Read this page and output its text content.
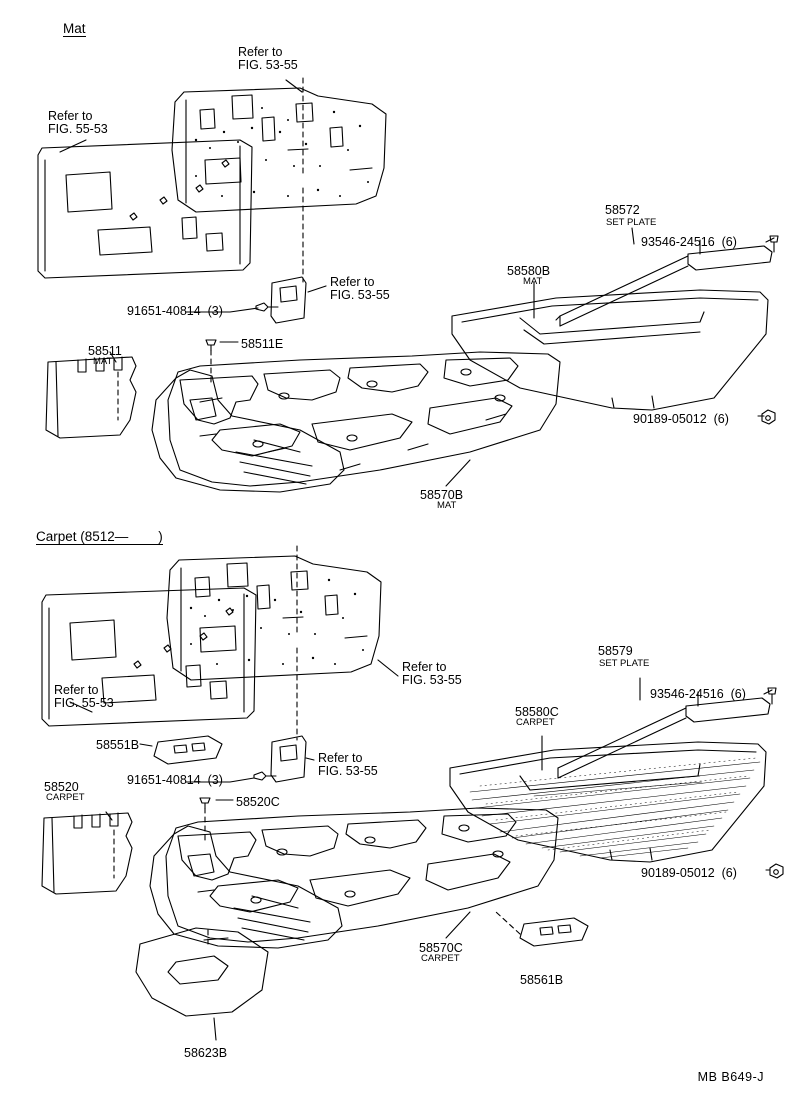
Mat
Carpet (8512—        )
Refer to
FIG. 55-53
Refer to
FIG. 53-55
Refer to
FIG. 53-55
91651-40814  (3)
58511
MAT
58511E
58580B
MAT
58572
SET PLATE
93546-24516  (6)
90189-05012  (6)
58570B
MAT
Refer to
FIG. 55-53
Refer to
FIG. 53-55
Refer to
FIG. 53-55
58551B
91651-40814  (3)
58520
CARPET	58520C
58580C
CARPET
58579
SET PLATE
93546-24516  (6)
90189-05012  (6)
58570C
CARPET
58561B
58623B
MB B649-J
